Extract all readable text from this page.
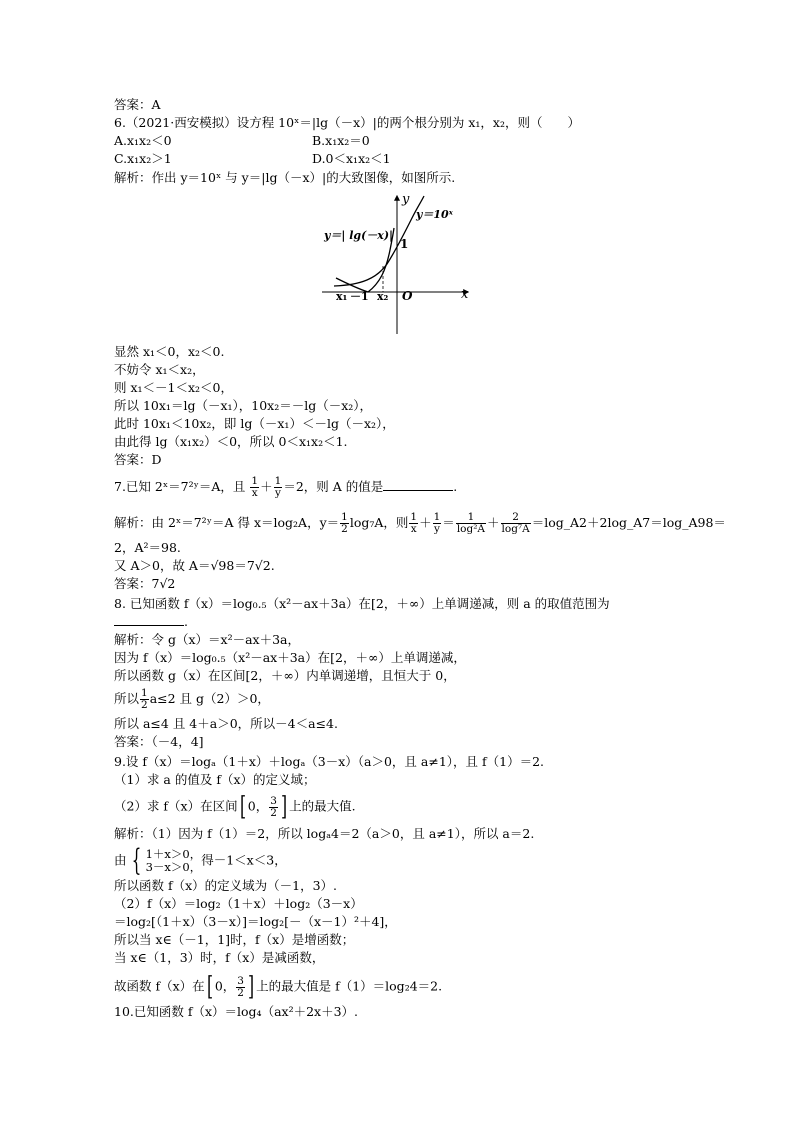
答案：A
6.（2021·西安模拟）设方程 10ˣ＝|lg（－x）|的两个根分别为 x₁，x₂，则（　　）
A.x₁x₂＜0	B.x₁x₂＝0
C.x₁x₂＞1	D.0＜x₁x₂＜1
解析：作出 y＝10ˣ 与 y＝|lg（－x）|的大致图像，如图所示.
y
x
O
1
x₁ －1 x₂
y＝10ˣ
y＝| lg(－x)|
显然 x₁＜0，x₂＜0.
不妨令 x₁＜x₂，
则 x₁＜－1＜x₂＜0，
所以 10x₁＝lg（－x₁），10x₂＝－lg（－x₂），
此时 10x₁＜10x₂，即 lg（－x₁）＜－lg（－x₂），
由此得 lg（x₁x₂）＜0，所以 0＜x₁x₂＜1.
答案：D
7.已知 2ˣ＝7²ʸ＝A，且 $\frac{1}{x} + \frac{1}{y} =2$，则 A 的值是	.
解析：由 2ˣ＝7²ʸ＝A 得 x＝log₂A，$y= \frac{1}{2} \log_7A$，则 $\frac{1}{x} + \frac{1}{y} = \frac{1}{\text{log²A}} + \frac{2}{\text{log⁷A}}$ ＝log_A2＋2log_A7＝log_A98＝
2，A²＝98.
又 A＞0，故 A＝√98＝7√2.
答案：7√2
8. 已知函数 f（x）＝log₀.₅（x²－ax＋3a）在[2，＋∞）上单调递减，则 a 的取值范围为
.
解析：令 g（x）＝x²－ax＋3a，
因为 f（x）＝log₀.₅（x²－ax＋3a）在[2，＋∞）上单调递减，
所以函数 g（x）在区间[2，＋∞）内单调递增，且恒大于 0，
所以 $\frac{1}{2} a\le 2$ 且 g（2）＞0，
所以 a≤4 且 4＋a＞0，所以－4＜a≤4.
答案：（－4，4]
9.设 f（x）＝logₐ（1＋x）＋logₐ（3－x）（a＞0，且 a≠1），且 f（1）＝2.
（1）求 a 的值及 f（x）的定义域；
（2）求 f（x）在区间[ 0， $\frac{3}{2}$ ] 上的最大值.
解析：（1）因为 f（1）＝2，所以 logₐ4＝2（a＞0，且 a≠1），所以 a＝2.
由 { 1＋x＞0，
3－x＞0， 得－1＜x＜3，
所以函数 f（x）的定义域为（－1，3）.
（2）f（x）＝log₂（1＋x）＋log₂（3－x）
＝log₂[（1＋x）（3－x）]＝log₂[－（x－1）²＋4]，
所以当 x∈（－1，1]时，f（x）是增函数；
当 x∈（1，3）时，f（x）是减函数，
故函数 f（x）在[ 0， $\frac{3}{2}$ ] 上的最大值是 f（1）＝log₂4＝2.
10.已知函数 f（x）＝log₄（ax²＋2x＋3）.
